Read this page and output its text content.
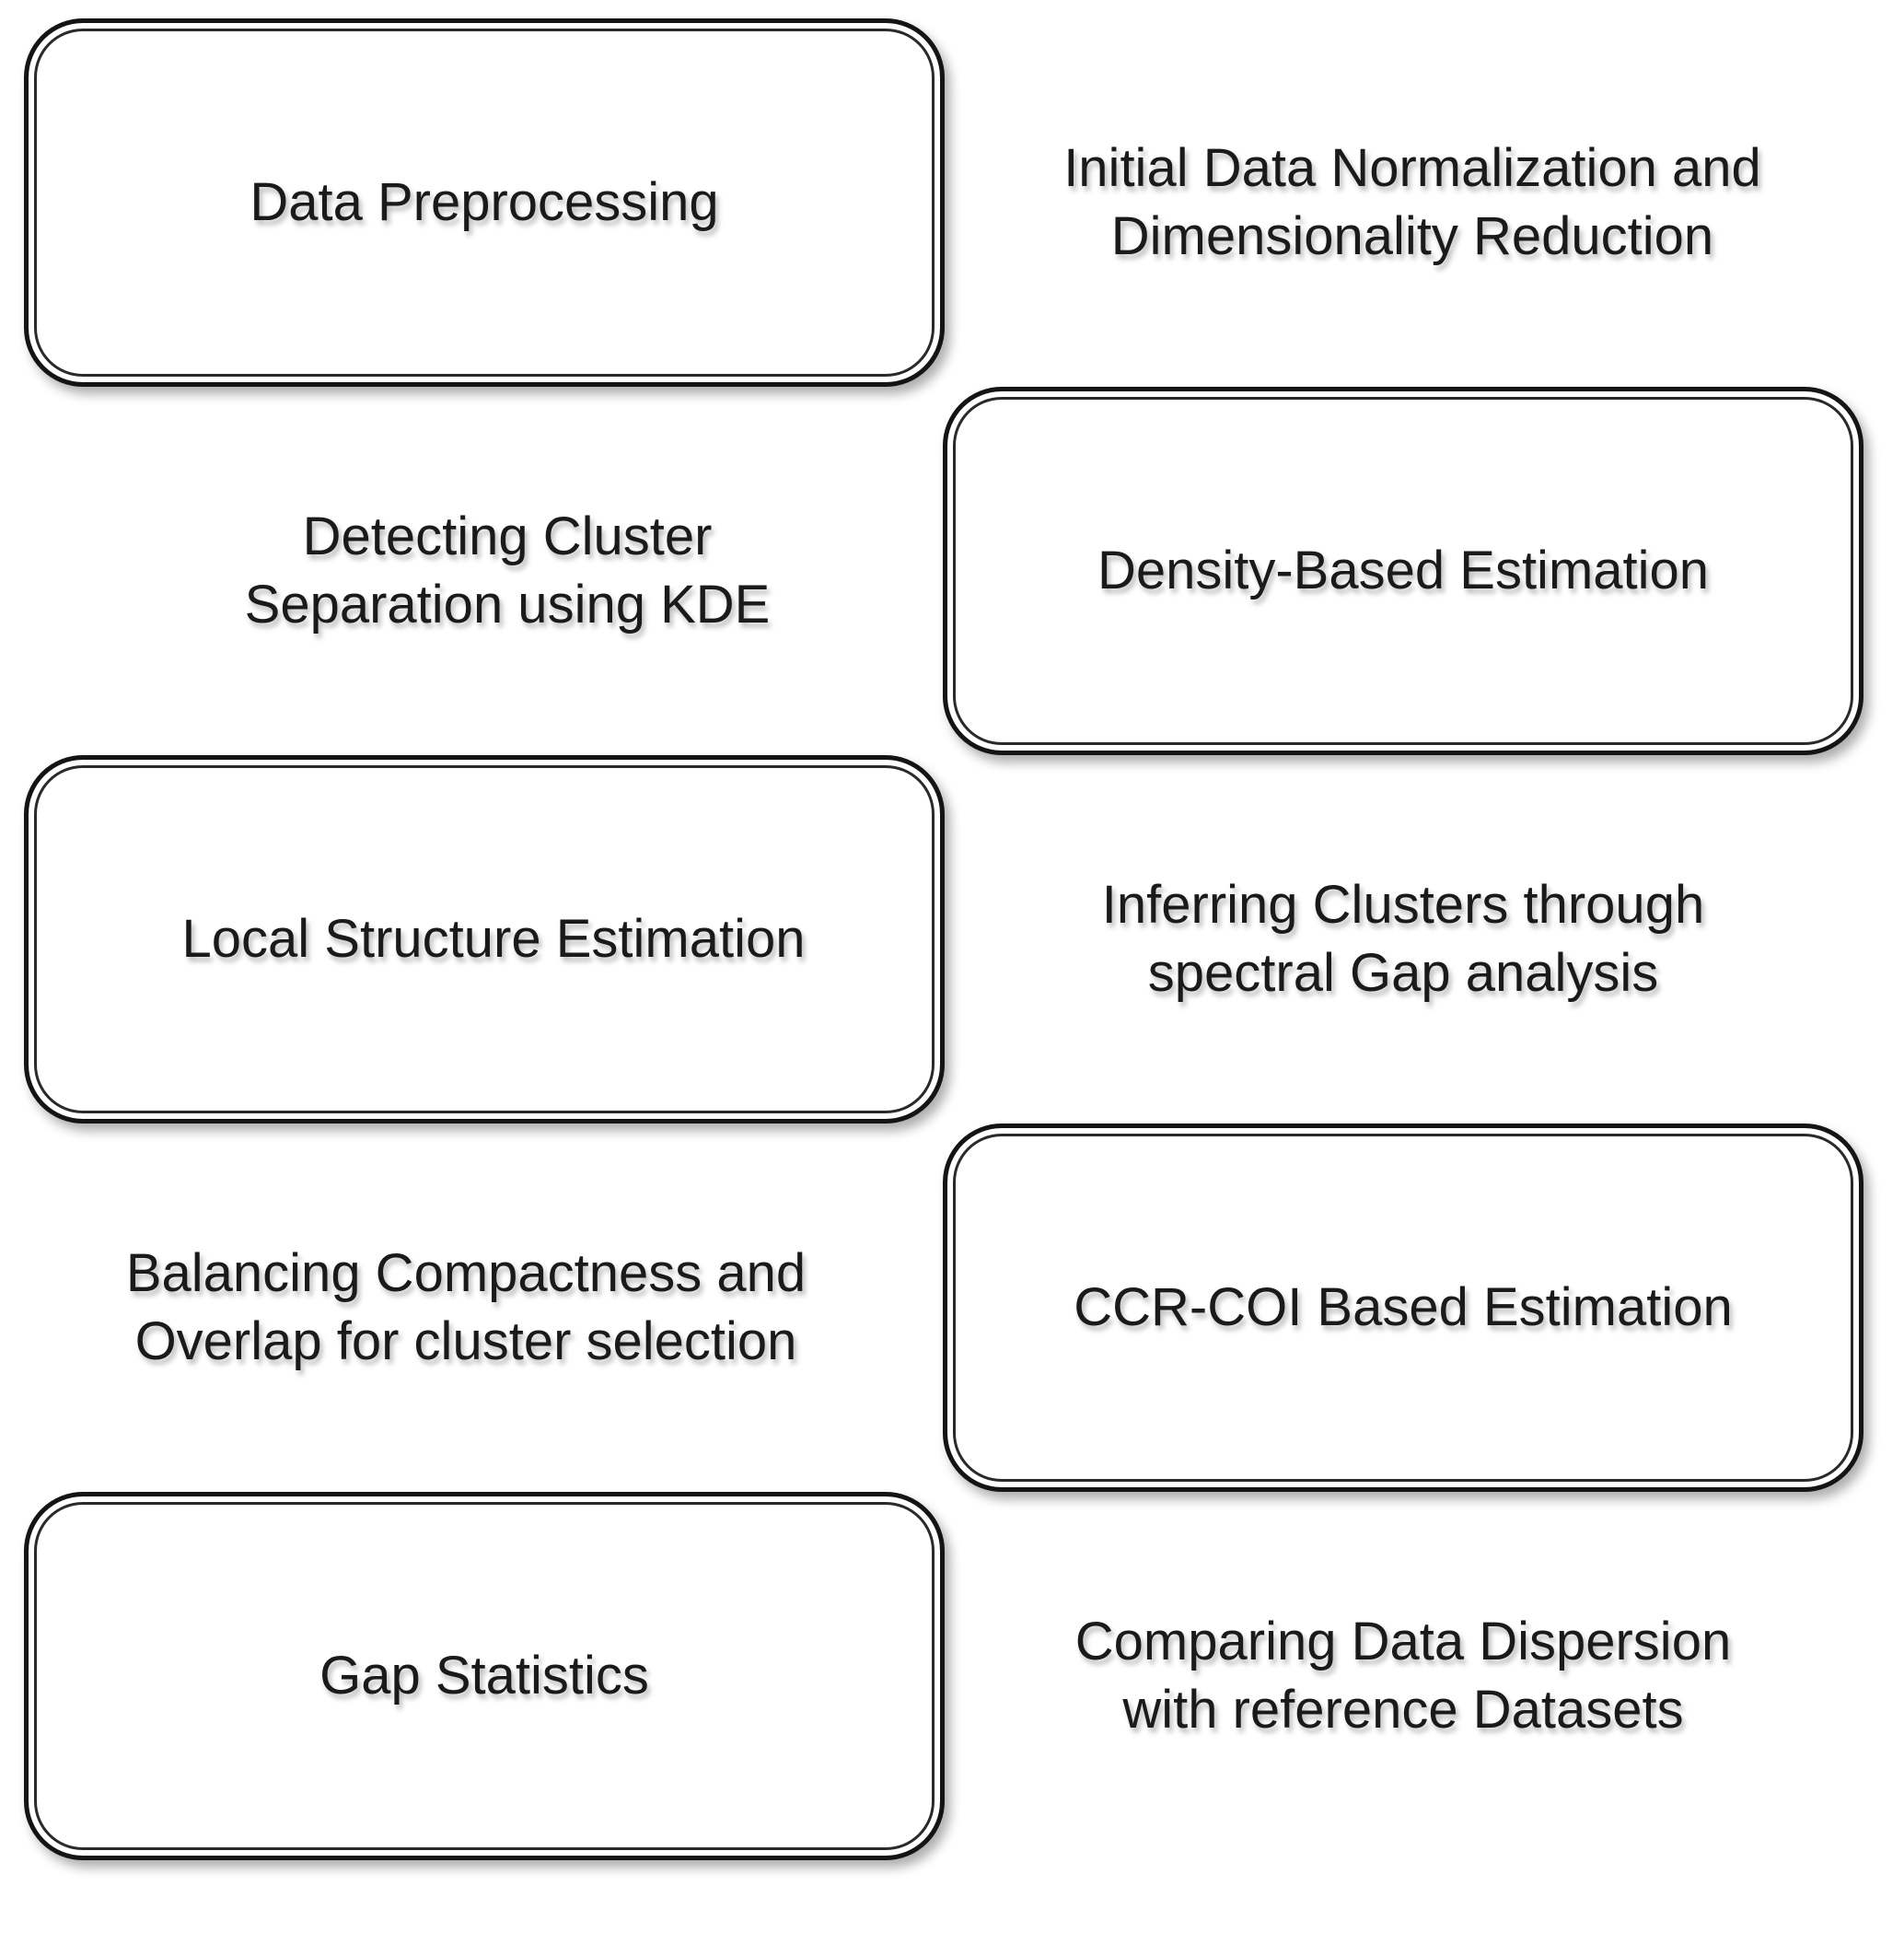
Data Preprocessing
Initial Data Normalization and
Dimensionality Reduction
Detecting Cluster
Separation using KDE
Density-Based Estimation
Local Structure Estimation
Inferring Clusters through
spectral Gap analysis
Balancing Compactness and
Overlap for cluster selection
CCR-COI Based Estimation
Gap Statistics
Comparing Data Dispersion
with reference Datasets
